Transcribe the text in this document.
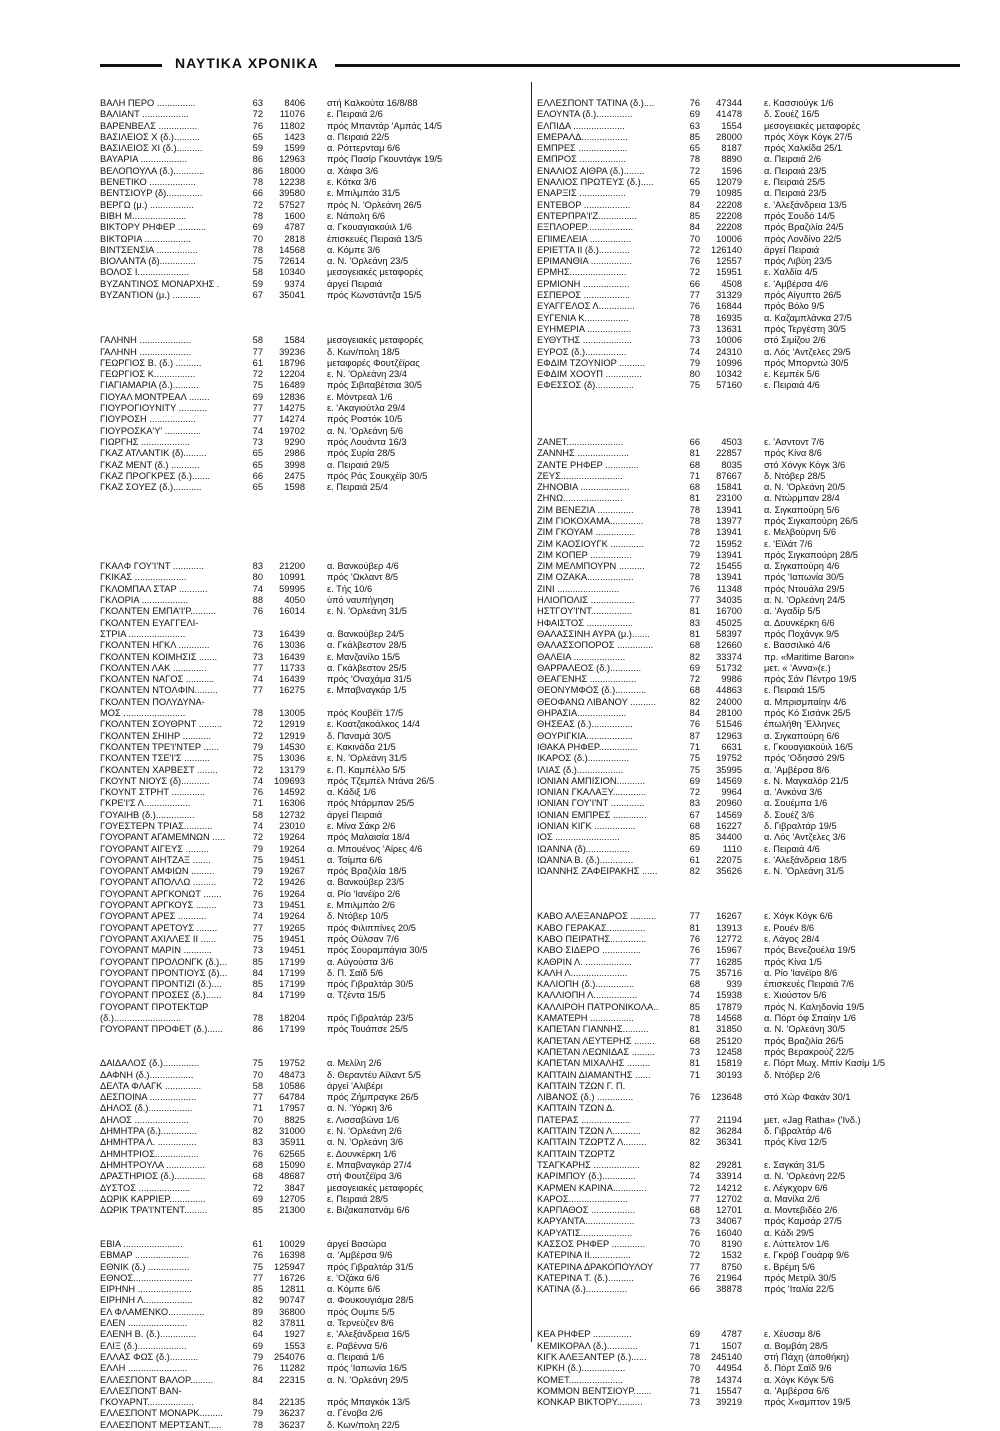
ΝΑΥΤΙΚΑ ΧΡΟΝΙΚΑ
ΒΑΛΗ ΠΕΡΟ ...............	63	8406 στή Καλκούτα 16/8/88
ΒΑΛΙΑΝΤ ..................	72	11076 ε. Πειραιά 2/6
ΒΑΡΕΝΒΕΛΣ ...............	76	11802 πρός Μπαντάρ 'Αμπάς 14/5
ΒΑΣΙΛΕΙΟΣ Χ (δ.)..........	65	1423 α. Πειραιά 22/5
ΒΑΣΙΛΕΙΟΣ ΧΙ (δ.)..........	59	1599 α. Ρόττερνταμ 6/6
ΒΑΥΑΡΙΑ ..................	86	12963 πρός Πασίρ Γκουντάγκ 19/5
ΒΕΛΟΠΟΥΛΑ (δ.)............	86	18000 α. Χάιφα 3/6
ΒΕΝΕΤΙΚΟ ..................	78	12238 ε. Κότκα 3/6
ΒΕΝΤΣΙΟΥΡ (δ)..............	66	39580 ε. Μπιλμπάο 31/5
ΒΕΡΓΩ (μ.) .................	72	57527 πρός Ν. 'Ορλεάνη 26/5
ΒΙΒΗ Μ.....................	78	1600 ε. Νάπολη 6/6
ΒΙΚΤΟΡΥ ΡΗΦΕΡ ...........	69	4787 α. Γκουαγιακούιλ 1/6
ΒΙΚΤΩΡΙΑ ..................	70	2818 έπισκευές Πειραιά 13/5
ΒΙΝΤΣΕΝΣΙΑ ................	78	14568 α. Κόμπε 3/6
ΒΙΟΛΑΝΤΑ (δ)..............	75	72614 α. Ν. 'Ορλεάνη 23/5
ΒΟΛΟΣ Ι....................	58	10340 μεσογειακές μεταφορές
ΒΥΖΑΝΤΙΝΟΣ ΜΟΝΑΡΧΗΣ .	59	9374 άργεί Πειραιά
ΒΥΖΑΝΤΙΟΝ (μ.) ...........	67	35041 πρός Κωνστάντζα 15/5
ΓΑΛΗΝΗ ....................	58	1584 μεσογειακές μεταφορές
ΓΑΛΗΝΗ ....................	77	39236 δ. Κων/πολη 18/5
ΓΕΩΡΓΙΟΣ Β. (δ.) ..........	61	18796 μεταφορές Φουτζέϊρας
ΓΕΩΡΓΙΟΣ Κ................	72	12204 ε. Ν. 'Ορλεάνη 23/4
ΓΙΑΓΙΑΜΑΡΙΑ (δ.)..........	75	16489 πρός Σιβιταβέτσια 30/5
ΓΙΟΥΑΛ ΜΟΝΤΡΕΑΛ ........	69	12836 ε. Μόντρεαλ 1/6
ΓΙΟΥΡΟΓΙΟΥΝΙΤΥ ...........	77	14275 ε. 'Ακαγιούτλα 29/4
ΓΙΟΥΡΟΣΗ ..................	77	14274 πρός Ροστόκ 10/5
ΓΙΟΥΡΟΣΚΑ'Υ' ..............	74	19702 α. Ν. 'Ορλεάνη 5/6
ΓΙΩΡΓΗΣ ...................	73	9290 πρός Λουάντα 16/3
ΓΚΑΖ ΑΤΛΑΝΤΙΚ (δ).........	65	2986 πρός Συρία 28/5
ΓΚΑΖ ΜΕΝΤ (δ.) ...........	65	3998 α. Πειραιά 29/5
ΓΚΑΖ ΠΡΟΓΚΡΕΣ (δ.).......	66	2475 πρός Ράς Σουκχέϊρ 30/5
ΓΚΑΖ ΣΟΥΕΖ (δ.)...........	65	1598 ε. Πειραιά 25/4
ΓΚΑΛΦ ΓΟΥ'Ι'ΝΤ ............	83	21200 α. Βανκούβερ 4/6
ΓΚΙΚΑΣ ....................	80	10991 πρός 'Ωκλαντ 8/5
ΓΚΛΟΜΠΑΛ ΣΤΑΡ ...........	74	59995 ε. Τής 10/6
ΓΚΛΟΡΙΑ ..................	88	4050 ύπό ναυπήγηση
ΓΚΟΛΝΤΕΝ ΕΜΠΑ'Ι'Ρ..........	76	16014 ε. Ν. 'Ορλεάνη 31/5
ΓΚΟΛΝΤΕΝ ΕΥΑΓΓΕΛΙ-
ΣΤΡΙΑ ......................	73	16439 α. Βανκούβερ 24/5
ΓΚΟΛΝΤΕΝ ΗΓΚΛ ............	76	13036 α. Γκάλβεστον 28/5
ΓΚΟΛΝΤΕΝ ΚΟΙΜΗΣΙΣ .......	73	16439 ε. Μανζανίλο 15/5
ΓΚΟΛΝΤΕΝ ΛΑΚ .............	77	11733 α. Γκάλβεστον 25/5
ΓΚΟΛΝΤΕΝ ΝΑΓΟΣ ...........	74	16439 πρός 'Οναχάμα 31/5
ΓΚΟΛΝΤΕΝ ΝΤΟΛΦΙΝ.........	77	16275 ε. Μπαβναγκάρ 1/5
ΓΚΟΛΝΤΕΝ ΠΟΛΥΔΥΝΑ-
ΜΟΣ ........................	78	13005 πρός Κουβέϊτ 17/5
ΓΚΟΛΝΤΕΝ ΣΟΥΘΡΝΤ .........	72	12919 ε. Κοατζακοάλκος 14/4
ΓΚΟΛΝΤΕΝ ΣΗΙΗΡ ...........	72	12919 δ. Παναμά 30/5
ΓΚΟΛΝΤΕΝ ΤΡΕ'Ι'ΝΤΕΡ ......	79	14530 ε. Κακινάδα 21/5
ΓΚΟΛΝΤΕΝ ΤΣΕ'Ι'Σ ..........	75	13036 ε. Ν. 'Ορλεάνη 31/5
ΓΚΟΛΝΤΕΝ ΧΑΡΒΕΣΤ ........	72	13179 ε. Π. Καμπέλλο 5/5
ΓΚΟΥΝΤ ΝΙΟΥΣ (δ)...........	74	109693 πρός Τζεμπέλ Ντάνα 26/5
ΓΚΟΥΝΤ ΣΤΡΗΤ .............	76	14592 α. Κάδιξ 1/6
ΓΚΡΕ'Ι'Σ Λ..................	71	16306 πρός Ντάρμπαν 25/5
ΓΟΥΑΙΗΒ (δ.)...............	58	12732 άργεί Πειραιά
ΓΟΥΕΣΤΕΡΝ ΤΡΙΑΣ...........	74	23010 ε. Μίνα Σάκρ 2/6
ΓΟΥΟΡΑΝΤ ΑΓΑΜΕΜΝΩΝ .....	72	19264 πρός Μαλαισία 18/4
ΓΟΥΟΡΑΝΤ ΑΙΓΕΥΣ .........	79	19264 α. Μπουένος 'Αϊρες 4/6
ΓΟΥΟΡΑΝΤ ΑΙΗΤΖΑΞ .......	75	19451 α. Τσίμπα 6/6
ΓΟΥΟΡΑΝΤ ΑΜΦΙΩΝ .........	79	19267 πρός Βραζιλία 18/5
ΓΟΥΟΡΑΝΤ ΑΠΟΛΛΩ .........	72	19426 α. Βανκούβερ 23/5
ΓΟΥΟΡΑΝΤ ΑΡΓΚΟΝΩΤ .......	76	19264 α. Ρίο 'Ιανέϊρο 2/6
ΓΟΥΟΡΑΝΤ ΑΡΓΚΟΥΣ ........	73	19451 ε. Μπιλμπάο 2/6
ΓΟΥΟΡΑΝΤ ΑΡΕΣ ...........	74	19264 δ. Ντόβερ 10/5
ΓΟΥΟΡΑΝΤ ΑΡΕΤΟΥΣ ........	77	19265 πρός Φιλιππίνες 20/5
ΓΟΥΟΡΑΝΤ ΑΧΙΛΛΕΣ ΙΙ ......	75	19451 πρός Ούλσαν 7/6
ΓΟΥΟΡΑΝΤ ΜΑΡΙΝ ...........	73	19451 πρός Σουραμπάγια 30/5
ΓΟΥΟΡΑΝΤ ΠΡΟΛΟΝΓΚ (δ.)...	85	17199 α. Αύγούστα 3/6
ΓΟΥΟΡΑΝΤ ΠΡΟΝΤΙΟΥΣ (δ)...	84	17199 δ. Π. Σαϊδ 5/6
ΓΟΥΟΡΑΝΤ ΠΡΟΝΤΙΖΙ (δ.)....	85	17199 πρός Γιβραλτάρ 30/5
ΓΟΥΟΡΑΝΤ ΠΡΟΣΕΣ (δ.)......	84	17199 α. Τζέντα 15/5
ΓΟΥΟΡΑΝΤ ΠΡΟΤΕΚΤΩΡ
(δ.)..........................	78	18204 πρός Γιβραλτάρ 23/5
ΓΟΥΟΡΑΝΤ ΠΡΟΦΕΤ (δ.)......	86	17199 πρός Τουάπσε 25/5
ΔΑΙΔΑΛΟΣ (δ.)..............	75	19752 α. Μελίλη 2/6
ΔΑΦΝΗ (δ.).................	70	48473 δ. Θεραντέυ Αϊλαντ 5/5
ΔΕΛΤΑ ΦΛΑΓΚ ..............	58	10586 άργεί 'Αλιβέρι
ΔΕΣΠΟΙΝΑ ..................	77	64784 πρός Ζήμπραγκε 26/5
ΔΗΛΟΣ (δ.).................	71	17957 α. Ν. 'Υόρκη 3/6
ΔΗΛΟΣ .....................	70	8825 ε. Λισσαβώνα 1/6
ΔΗΜΗΤΡΑ (δ.)..............	82	31000 ε. Ν. 'Ορλεάνη 2/6
ΔΗΜΗΤΡΑ Λ. ...............	83	35911 α. Ν. 'Ορλεάνη 3/6
ΔΗΜΗΤΡΙΟΣ.................	76	62565 ε. Δουνκέρκη 1/6
ΔΗΜΗΤΡΟΥΛΑ ...............	68	15090 ε. Μπαβναγκάρ 27/4
ΔΡΑΣΤΗΡΙΟΣ (δ.)............	68	48687 στή Φουτζέϊρα 3/6
ΔΥΣΤΟΣ ....................	72	3847 μεσογειακές μεταφορές
ΔΩΡΙΚ ΚΑΡΡΙΕΡ..............	69	12705 ε. Πειραιά 28/5
ΔΩΡΙΚ ΤΡΑ'Ι'ΝΤΕΝΤ.........	85	21300 ε. Βιζακαπατνάμ 6/6
ΕΒΙΑ .......................	61	10029 άργεί Βασώρα
ΕΒΜΑΡ .....................	76	16398 α. 'Αμβέρσα 9/6
ΕΘΝΙΚ (δ.) ................	75	125947 πρός Γιβραλτάρ 31/5
ΕΘΝΟΣ.......................	77	16726 ε. 'Οζάκα 6/6
ΕΙΡΗΝΗ .....................	85	12811 α. Κόμπε 6/6
ΕΙΡΗΝΗ Λ...................	82	90747 α. Φουκουγιάμα 28/5
ΕΛ ΦΛΑΜΕΝΚΟ..............	89	36800 πρός Ουμπε 5/5
ΕΛΕΝ .......................	82	37811 α. Τερνεύζεν 8/6
ΕΛΕΝΗ Β. (δ.)..............	64	1927 ε. 'Αλεξάνδρεια 16/5
ΕΛΙΞ (δ.)...................	69	1553 ε. Ραβέννα 5/6
ΕΛΛΑΣ ΦΩΣ (δ.)...........	79	254076 α. Πειραιά 1/6
ΕΛΛΗ .......................	76	11282 πρός 'Ιαπωνία 16/5
ΕΛΛΕΣΠΟΝΤ ΒΑΛΟΡ.........	84	22315 α. Ν. 'Ορλεάνη 29/5
ΕΛΛΕΣΠΟΝΤ ΒΑΝ-
ΓΚΟΥΑΡΝΤ..................	84	22135 πρός Μπαγκόκ 13/5
ΕΛΛΕΣΠΟΝΤ ΜΟΝΑΡΚ.........	79	36237 α. Γένοβα 2/6
ΕΛΛΕΣΠΟΝΤ ΜΕΡΤΣΑΝΤ.....	78	36237 δ. Κων/πολη 22/5
ΕΛΛΕΣΠΟΝΤ ΤΑΤΙΝΑ (δ.)....	76	47344 ε. Κασσιούγκ 1/6
ΕΛΟΥΝΤΑ (δ.)..............	69	41478 δ. Σουέζ 16/5
ΕΛΠΙΔΑ ....................	63	1554 μεσογειακές μεταφορές
ΕΜΕΡΑΛΔ..................	85	28000 πρός Χόγκ Κόγκ 27/5
ΕΜΠΡΕΣ ...................	65	8187 πρός Χαλκίδα 25/1
ΕΜΠΡΟΣ ..................	78	8890 α. Πειραιά 2/6
ΕΝΑΛΙΟΣ ΑΙΘΡΑ (δ.)........	72	1596 α. Πειραιά 23/5
ΕΝΑΛΙΟΣ ΠΡΩΤΕΥΣ (δ.).....	65	12079 ε. Πειραιά 25/5
ΕΝΑΡΞΙΣ ..................	79	10985 α. Πειραιά 23/5
ΕΝΤΕΒΟΡ ..................	84	22208 ε. 'Αλεξάνδρεια 13/5
ΕΝΤΕΡΠΡΑ'Ι'Ζ...............	85	22208 πρός Σουδό 14/5
ΕΞΠΛΟΡΕΡ..................	84	22208 πρός Βραζιλία 24/5
ΕΠΙΜΕΛΕΙΑ ................	70	10006 πρός Λονδίνο 22/5
ΕΡΙΕΤΤΑ ΙΙ (δ.)............	72	126140 άργεί Πειραιά
ΕΡΙΜΑΝΘΙΑ ................	76	12557 πρός Λιβύη 23/5
ΕΡΜΗΣ......................	72	15951 ε. Χαλδία 4/5
ΕΡΜΙΟΝΗ ..................	66	4508 ε. 'Αμβέρσα 4/6
ΕΣΠΕΡΟΣ ..................	77	31329 πρός Αίγυπτο 26/5
ΕΥΑΓΓΕΛΟΣ Λ..............	76	16844 πρός Βόλο 9/5
ΕΥΓΕΝΙΑ Κ.................	78	16935 α. Καζαμπλάνκα 27/5
ΕΥΗΜΕΡΙΑ .................	73	13631 πρός Τεργέστη 30/5
ΕΥΘΥΤΗΣ ...................	73	10006 στό Σιμίζου 2/6
ΕΥΡΟΣ (δ.)................	74	24310 α. Λός 'Αντζελες 29/5
ΕΦΔΙΜ ΤΖΟΥΝΙΟΡ ..........	79	10996 πρός Μπορντώ 30/5
ΕΦΔΙΜ ΧΟΟΥΠ ..............	80	10342 ε. Κεμπέκ 5/6
ΕΦΕΣΣΟΣ (δ)...............	75	57160 ε. Πειραιά 4/6
ΖΑΝΕΤ......................	66	4503 ε. 'Ασντοντ 7/6
ΖΑΝΝΗΣ ....................	81	22857 πρός Κίνα 8/6
ΖΑΝΤΕ ΡΗΦΕΡ .............	68	8035 στό Χόνγκ Κόγκ 3/6
ΖΕΥΣ........................	71	87667 δ. Ντόβερ 28/5
ΖΗΝΟΒΙΑ ...................	68	15841 α. Ν. 'Ορλεάνη 20/5
ΖΗΝΩ.......................	81	23100 α. Ντώρμπαν 28/4
ΖΙΜ ΒΕΝΕΖΙΑ ..............	78	13941 α. Σιγκαπούρη 5/6
ΖΙΜ ΓΙΟΚΟΧΑΜΑ.............	78	13977 πρός Σιγκαπούρη 26/5
ΖΙΜ ΓΚΟΥΑΜ ...............	78	13941 ε. Μελβούρνη 5/6
ΖΙΜ ΚΑΟΣΙΟΥΓΚ .............	72	15952 ε. 'Εϊλάτ 7/6
ΖΙΜ ΚΟΠΕΡ ................	79	13941 πρός Σιγκαπούρη 28/5
ΖΙΜ ΜΕΛΜΠΟΥΡΝ ..........	72	15455 α. Σιγκαπούρη 4/6
ΖΙΜ ΟΖΑΚΑ..................	78	13941 πρός 'Ιαπωνία 30/5
ΖΙΝΙ ........................	76	11348 πρός Ντουάλα 29/5
ΗΛΙΟΠΟΛΙΣ .................	77	34035 α. Ν. 'Ορλεάνη 24/5
ΗΣΤΓΟΥ'Ι'ΝΤ................	81	16700 α. 'Αγαδίρ 5/5
ΗΦΑΙΣΤΟΣ ..................	83	45025 α. Δουνκέρκη 6/6
ΘΑΛΑΣΣΙΝΗ ΑΥΡΑ (μ.).......	81	58397 πρός Ποχάνγκ 9/5
ΘΑΛΑΣΣΟΠΟΡΟΣ ..............	68	12660 ε. Βασσιλικό 4/6
ΘΑΛΕΙΑ ....................	82	33374 πρ. «Maritime Baron»
ΘΑΡΡΑΛΕΟΣ (δ.)............	69	51732 μετ. « 'Αννα»(ε.)
ΘΕΑΓΕΝΗΣ ..................	72	9986 πρός Σάν Πέντρο 19/5
ΘΕΟΝΥΜΦΟΣ (δ.)............	68	44863 ε. Πειραιά 15/5
ΘΕΟΦΑΝΩ ΛΙΒΑΝΟΥ ..........	82	24000 α. Μπρισμπαίην 4/6
ΘΗΡΑΣΙΑ...................	84	28100 πρός Κό Σισάνκ 25/5
ΘΗΣΕΑΣ (δ.)................	76	51546 έπωλήθη 'Ελληνες
ΘΟΥΡΙΓΚΙΑ..................	87	12963 α. Σιγκαπούρη 6/6
ΙΘΑΚΑ ΡΗΦΕΡ...............	71	6631 ε. Γκουαγιακούιλ 16/5
ΙΚΑΡΟΣ (δ.)................	75	19752 πρός 'Οδησσό 29/5
ΙΛΙΑΣ (δ.)..................	75	35995 α. 'Αμβέρσα 8/6
ΙΟΝΙΑΝ ΑΜΠΙΣΙΟΝ...........	69	14569 ε. Ν. Μαγκαλόρ 21/5
ΙΟΝΙΑΝ ΓΚΑΛΑΞΥ.............	72	9964 α. 'Ανκόνα 3/6
ΙΟΝΙΑΝ ΓΟΥ'Ι'ΝΤ .............	83	20960 α. Σουέμπα 1/6
ΙΟΝΙΑΝ ΕΜΠΡΕΣ .............	67	14569 δ. Σουέζ 3/6
ΙΟΝΙΑΝ ΚΙΓΚ ................	68	16227 δ. Γιβραλτάρ 19/5
ΙΟΣ .........................	85	34400 α. Λός 'Αντζελες 3/6
ΙΩΑΝΝΑ (δ).................	69	1110 ε. Πειραιά 4/6
ΙΩΑΝΝΑ Β. (δ.).............	61	22075 ε. 'Αλεξάνδρεια 18/5
ΙΩΑΝΝΗΣ ΖΑΦΕΙΡΑΚΗΣ ......	82	35626 ε. Ν. 'Ορλεάνη 31/5
ΚΑΒΟ ΑΛΕΞΑΝΔΡΟΣ ..........	77	16267 ε. Χόγκ Κόγκ 6/6
ΚΑΒΟ ΓΕΡΑΚΑΣ...............	81	13913 ε. Ρουέν 8/6
ΚΑΒΟ ΠΕΙΡΑΤΗΣ..............	76	12772 ε. Λάγος 28/4
ΚΑΒΟ ΣΙΔΕΡΟ ...............	76	15967 πρός Βενεζουέλα 19/5
ΚΑΘΡΙΝ Λ. ..................	77	16285 πρός Κίνα 1/5
ΚΑΛΗ Λ......................	75	35716 α. Ρίο 'Ιανέϊρο 8/6
ΚΑΛΙΟΠΗ (δ.)...............	68	939 έπισκευές Πειραιά 7/6
ΚΑΛΛΙΟΠΗ Λ.................	74	15938 ε. Χιούστον 5/6
ΚΑΛΛΙΡΟΗ ΠΑΤΡΟΝΙΚΟΛΑ..	85	17879 πρός Ν. Καληδονία 19/5
ΚΑΜΑΤΕΡΗ .................	78	14568 α. Πόρτ όφ Σπαίην 1/6
ΚΑΠΕΤΑΝ ΓΙΑΝΝΗΣ..........	81	31850 α. Ν. 'Ορλεάνη 30/5
ΚΑΠΕΤΑΝ ΛΕΥΤΕΡΗΣ ........	68	25120 πρός Βραζιλία 26/5
ΚΑΠΕΤΑΝ ΛΕΩΝΙΔΑΣ .........	73	12458 πρός Βερακρούζ 22/5
ΚΑΠΕΤΑΝ ΜΙΧΑΛΗΣ .........	81	15819 ε. Πόρτ Μωχ. Μπίν Κασίμ 1/5
ΚΑΠΤΑΙΝ ΔΙΑΜΑΝΤΗΣ ......	71	30193 δ. Ντόβερ 2/6
ΚΑΠΤΑΙΝ ΤΖΩΝ Γ. Π.
ΛΙΒΑΝΟΣ (δ.) ..............	76	123648 στό Χώρ Φακάν 30/1
ΚΑΠΤΑΙΝ ΤΖΩΝ Δ.
ΠΑΤΕΡΑΣ ...................	77	21194 μετ. «Jag Ratha» ('Ινδ.)
ΚΑΠΤΑΙΝ ΤΖΩΝ Λ...........	82	36284 δ. Γιβραλτάρ 4/6
ΚΑΠΤΑΙΝ ΤΖΩΡΤΖ Λ.........	82	36341 πρός Κίνα 12/5
ΚΑΠΤΑΙΝ ΤΖΩΡΤΖ
ΤΣΑΓΚΑΡΗΣ ..................	82	29281 ε. Σαγκάη 31/5
ΚΑΡΙΜΠΟΥ (δ.).............	74	33914 α. Ν. 'Ορλεάνη 22/5
ΚΑΡΜΕΝ ΚΑΡΙΝΑ.............	72	14212 ε. Λέγκχορν 6/6
ΚΑΡΟΣ.......................	77	12702 α. Μανίλα 2/6
ΚΑΡΠΑΘΟΣ .................	68	12701 α. Μοντεβιδέο 2/6
ΚΑΡΥΑΝΤΑ...................	73	34067 πρός Καμσάρ 27/5
ΚΑΡΥΑΤΙΣ....................	76	16040 α. Κάδι 29/5
ΚΑΣΣΟΣ ΡΗΦΕΡ .............	70	8190 ε. Λύττελτον 1/6
ΚΑΤΕΡΙΝΑ ΙΙ................	72	1532 ε. Γκρόβ Γουάρφ 9/6
ΚΑΤΕΡΙΝΑ ΔΡΑΚΟΠΟΥΛΟΥ	77	8750 ε. Βρέμη 5/6
ΚΑΤΕΡΙΝΑ Τ. (δ.)..........	76	21964 πρός Μετρίλ 30/5
ΚΑΤΙΝΑ (δ.)................	66	38878 πρός 'Ιταλία 22/5
ΚΕΑ ΡΗΦΕΡ ...............	69	4787 ε. Χέυσαμ 8/6
ΚΕΜΙΚΟΡΑΛ (δ.)............	71	1507 α. Βομβάη 28/5
ΚΙΓΚ ΑΛΕΞΑΝΤΕΡ (δ.)......	78	245140 στή Πάχη (άποθήκη)
ΚΙΡΚΗ (δ.).................	70	44954 δ. Πόρτ Σαϊδ 9/6
ΚΟΜΕΤ.....................	78	14374 α. Χόγκ Κόγκ 5/6
ΚΟΜΜΟΝ ΒΕΝΤΣΙΟΥΡ.......	71	15547 α. 'Αμβέρσα 6/6
ΚΟΝΚΑΡ ΒΙΚΤΟΡΥ..........	73	39219 πρός Χ«αμπτον 19/5
